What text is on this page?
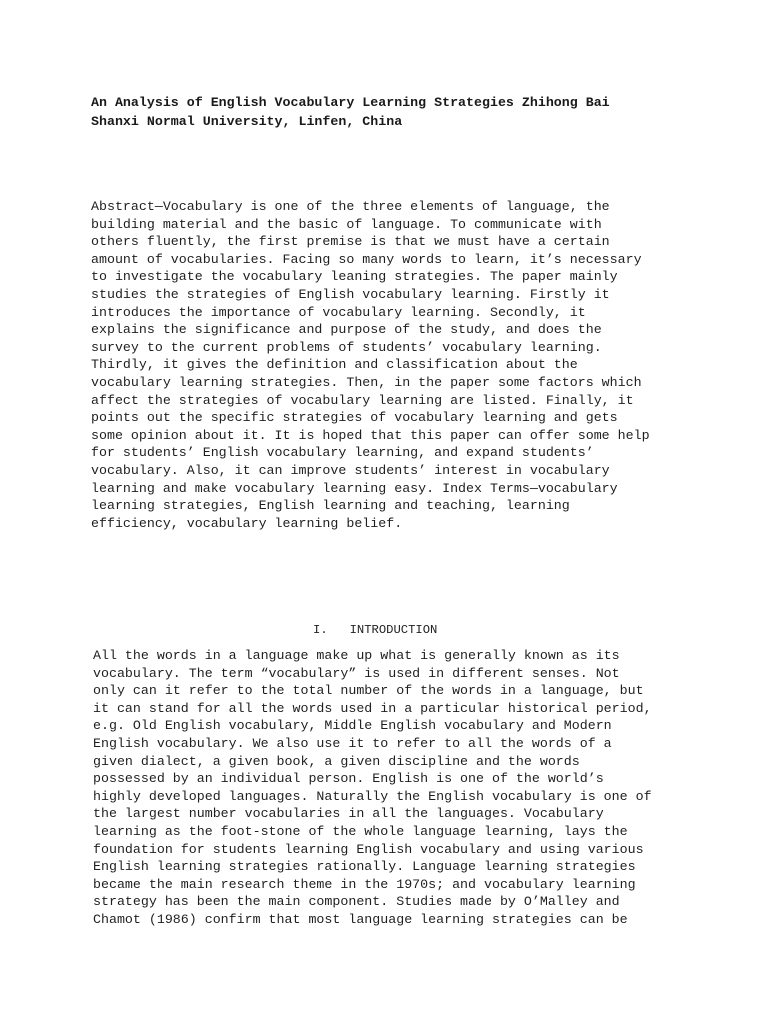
An Analysis of English Vocabulary Learning Strategies Zhihong Bai
Shanxi Normal University, Linfen, China

Abstract—Vocabulary is one of the three elements of language, the
building material and the basic of language. To communicate with
others fluently, the first premise is that we must have a certain
amount of vocabularies. Facing so many words to learn, it’s necessary
to investigate the vocabulary leaning strategies. The paper mainly
studies the strategies of English vocabulary learning. Firstly it
introduces the importance of vocabulary learning. Secondly, it
explains the significance and purpose of the study, and does the
survey to the current problems of students’ vocabulary learning.
Thirdly, it gives the definition and classification about the
vocabulary learning strategies. Then, in the paper some factors which
affect the strategies of vocabulary learning are listed. Finally, it
points out the specific strategies of vocabulary learning and gets
some opinion about it. It is hoped that this paper can offer some help
for students’ English vocabulary learning, and expand students’
vocabulary. Also, it can improve students’ interest in vocabulary
learning and make vocabulary learning easy. Index Terms—vocabulary
learning strategies, English learning and teaching, learning
efficiency, vocabulary learning belief.

I.   INTRODUCTION

All the words in a language make up what is generally known as its
vocabulary. The term “vocabulary” is used in different senses. Not
only can it refer to the total number of the words in a language, but
it can stand for all the words used in a particular historical period,
e.g. Old English vocabulary, Middle English vocabulary and Modern
English vocabulary. We also use it to refer to all the words of a
given dialect, a given book, a given discipline and the words
possessed by an individual person. English is one of the world’s
highly developed languages. Naturally the English vocabulary is one of
the largest number vocabularies in all the languages. Vocabulary
learning as the foot-stone of the whole language learning, lays the
foundation for students learning English vocabulary and using various
English learning strategies rationally. Language learning strategies
became the main research theme in the 1970s; and vocabulary learning
strategy has been the main component. Studies made by O’Malley and
Chamot (1986) confirm that most language learning strategies can be
